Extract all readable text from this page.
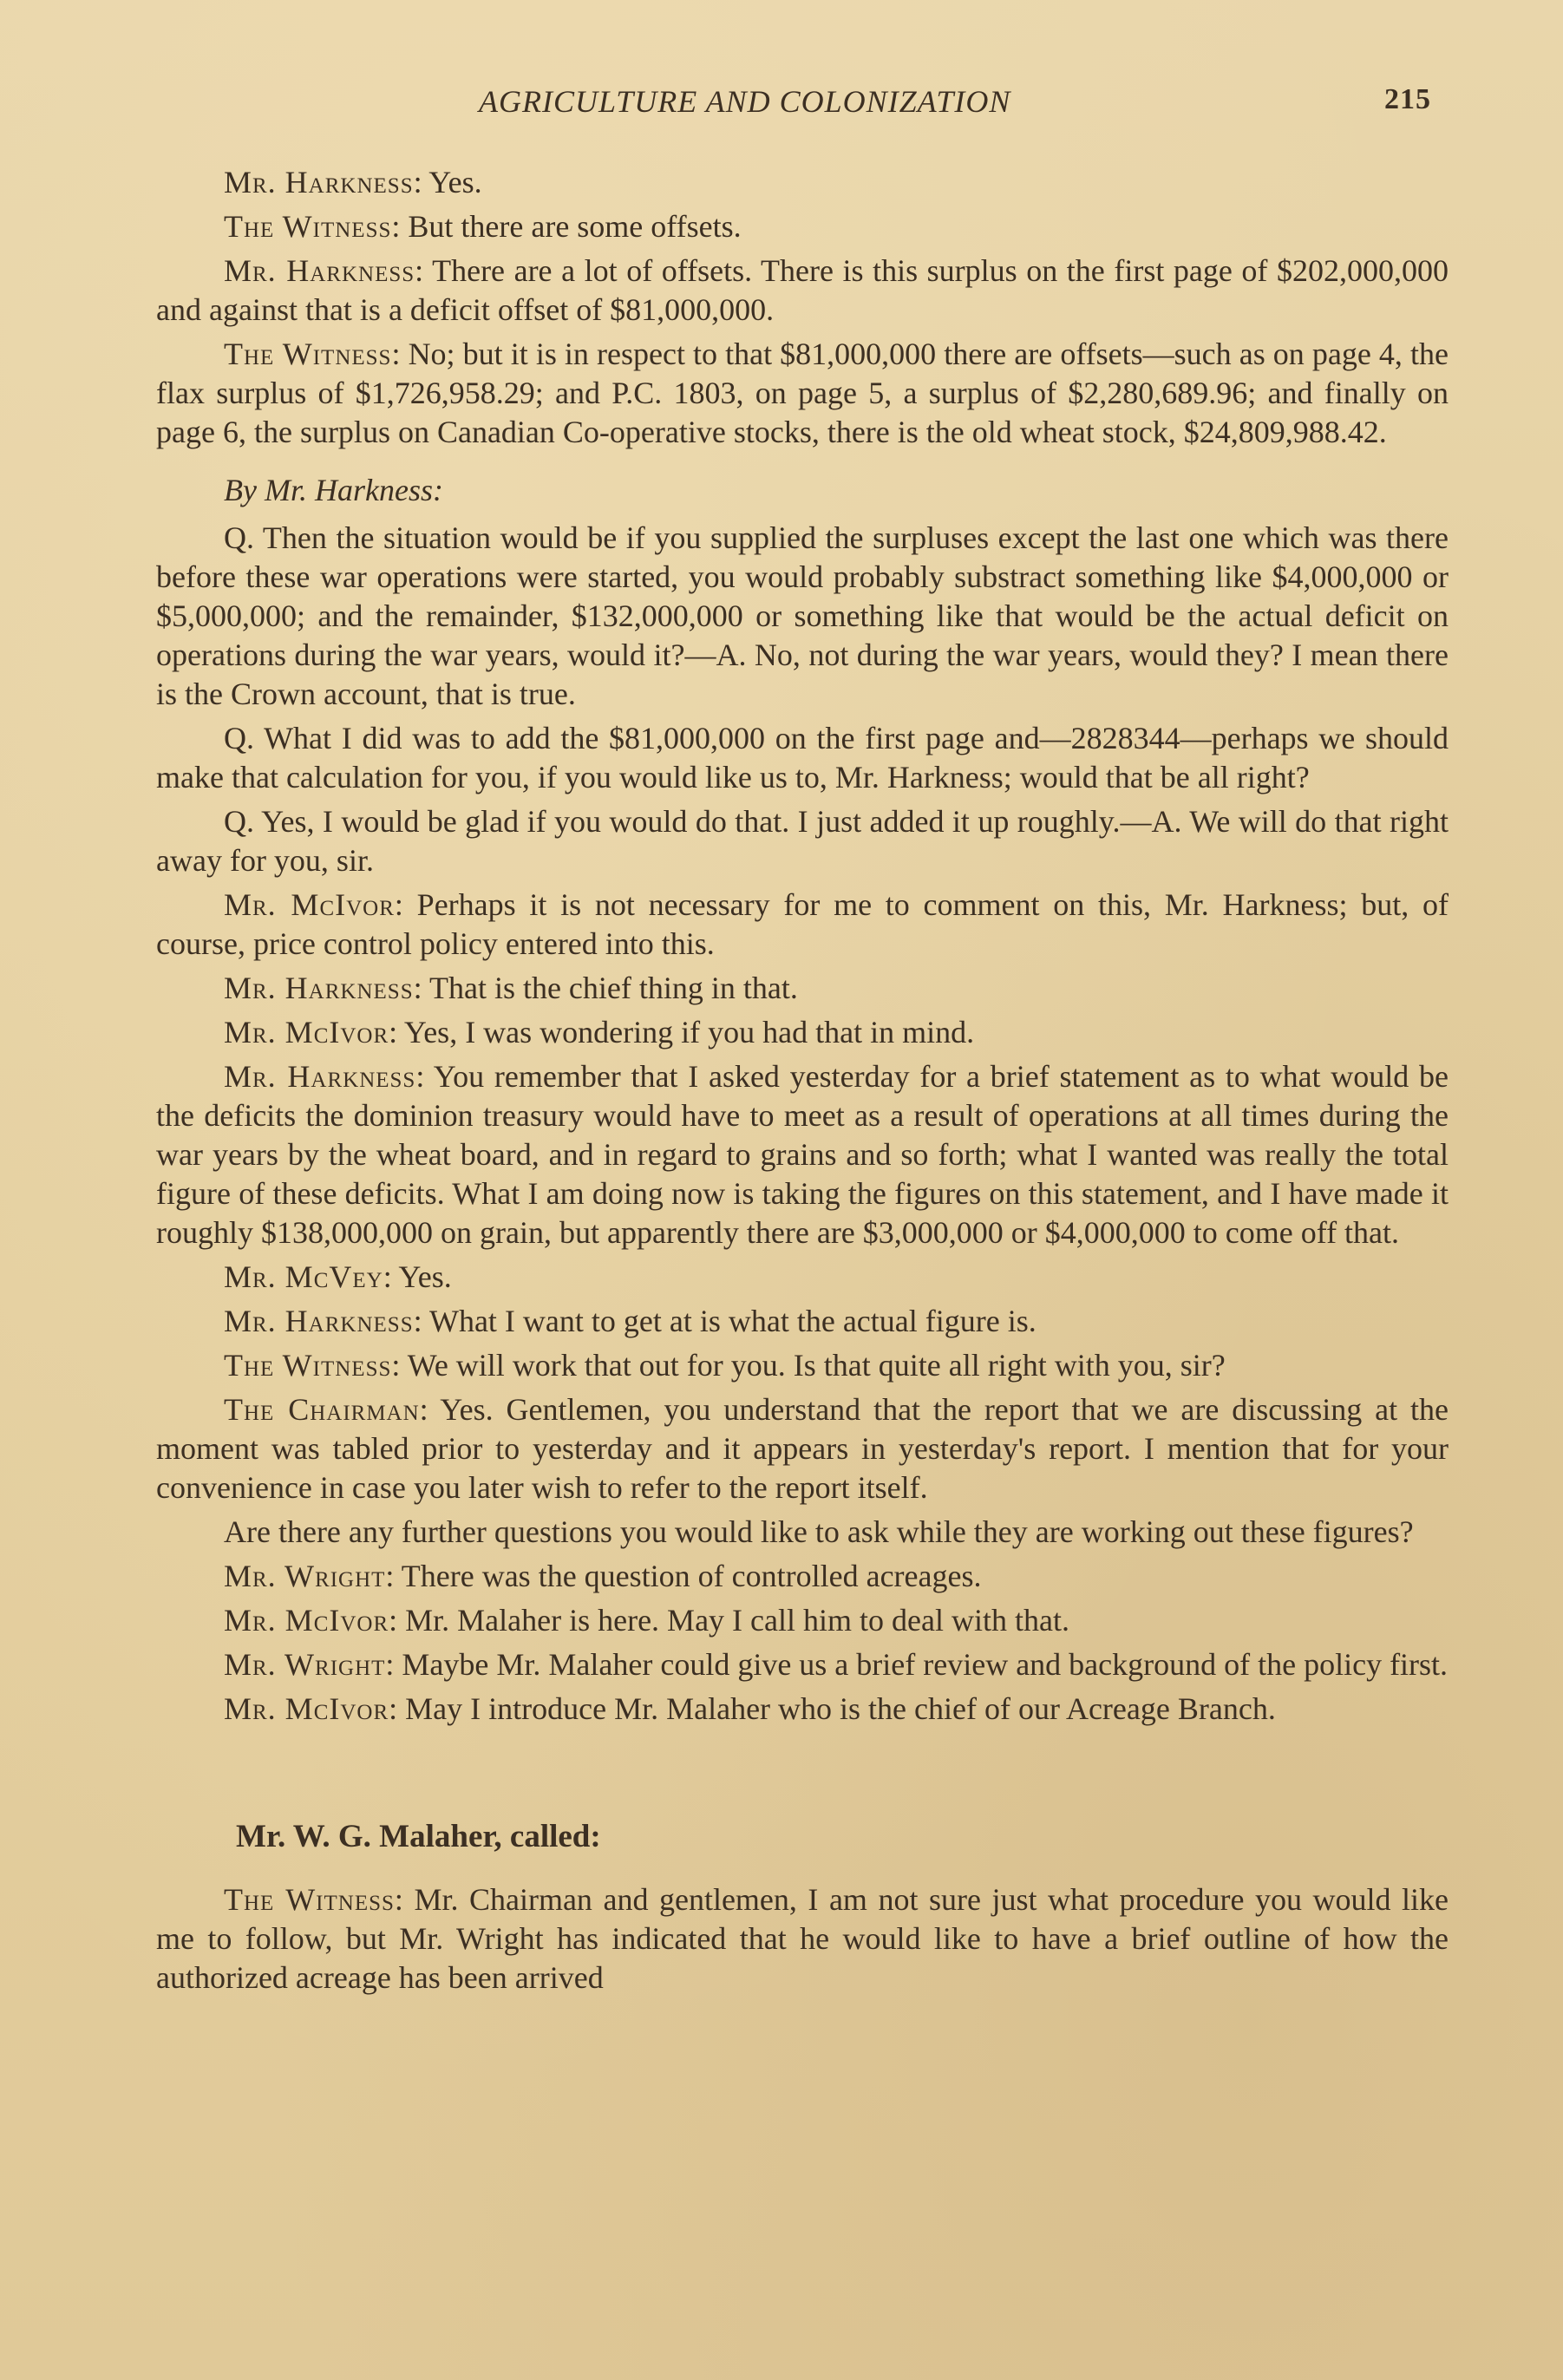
AGRICULTURE AND COLONIZATION	215

Mr. Harkness: Yes.

The Witness: But there are some offsets.

Mr. Harkness: There are a lot of offsets. There is this surplus on the first page of $202,000,000 and against that is a deficit offset of $81,000,000.

The Witness: No; but it is in respect to that $81,000,000 there are offsets—such as on page 4, the flax surplus of $1,726,958.29; and P.C. 1803, on page 5, a surplus of $2,280,689.96; and finally on page 6, the surplus on Canadian Co-operative stocks, there is the old wheat stock, $24,809,988.42.

By Mr. Harkness:

Q. Then the situation would be if you supplied the surpluses except the last one which was there before these war operations were started, you would probably substract something like $4,000,000 or $5,000,000; and the remainder, $132,000,000 or something like that would be the actual deficit on operations during the war years, would it?—A. No, not during the war years, would they? I mean there is the Crown account, that is true.

Q. What I did was to add the $81,000,000 on the first page and—2828344—perhaps we should make that calculation for you, if you would like us to, Mr. Harkness; would that be all right?

Q. Yes, I would be glad if you would do that. I just added it up roughly.—A. We will do that right away for you, sir.

Mr. McIvor: Perhaps it is not necessary for me to comment on this, Mr. Harkness; but, of course, price control policy entered into this.

Mr. Harkness: That is the chief thing in that.

Mr. McIvor: Yes, I was wondering if you had that in mind.

Mr. Harkness: You remember that I asked yesterday for a brief statement as to what would be the deficits the dominion treasury would have to meet as a result of operations at all times during the war years by the wheat board, and in regard to grains and so forth; what I wanted was really the total figure of these deficits. What I am doing now is taking the figures on this statement, and I have made it roughly $138,000,000 on grain, but apparently there are $3,000,000 or $4,000,000 to come off that.

Mr. McVey: Yes.

Mr. Harkness: What I want to get at is what the actual figure is.

The Witness: We will work that out for you. Is that quite all right with you, sir?

The Chairman: Yes. Gentlemen, you understand that the report that we are discussing at the moment was tabled prior to yesterday and it appears in yesterday's report. I mention that for your convenience in case you later wish to refer to the report itself.

Are there any further questions you would like to ask while they are working out these figures?

Mr. Wright: There was the question of controlled acreages.

Mr. McIvor: Mr. Malaher is here. May I call him to deal with that.

Mr. Wright: Maybe Mr. Malaher could give us a brief review and background of the policy first.

Mr. McIvor: May I introduce Mr. Malaher who is the chief of our Acreage Branch.

Mr. W. G. Malaher, called:

The Witness: Mr. Chairman and gentlemen, I am not sure just what procedure you would like me to follow, but Mr. Wright has indicated that he would like to have a brief outline of how the authorized acreage has been arrived
